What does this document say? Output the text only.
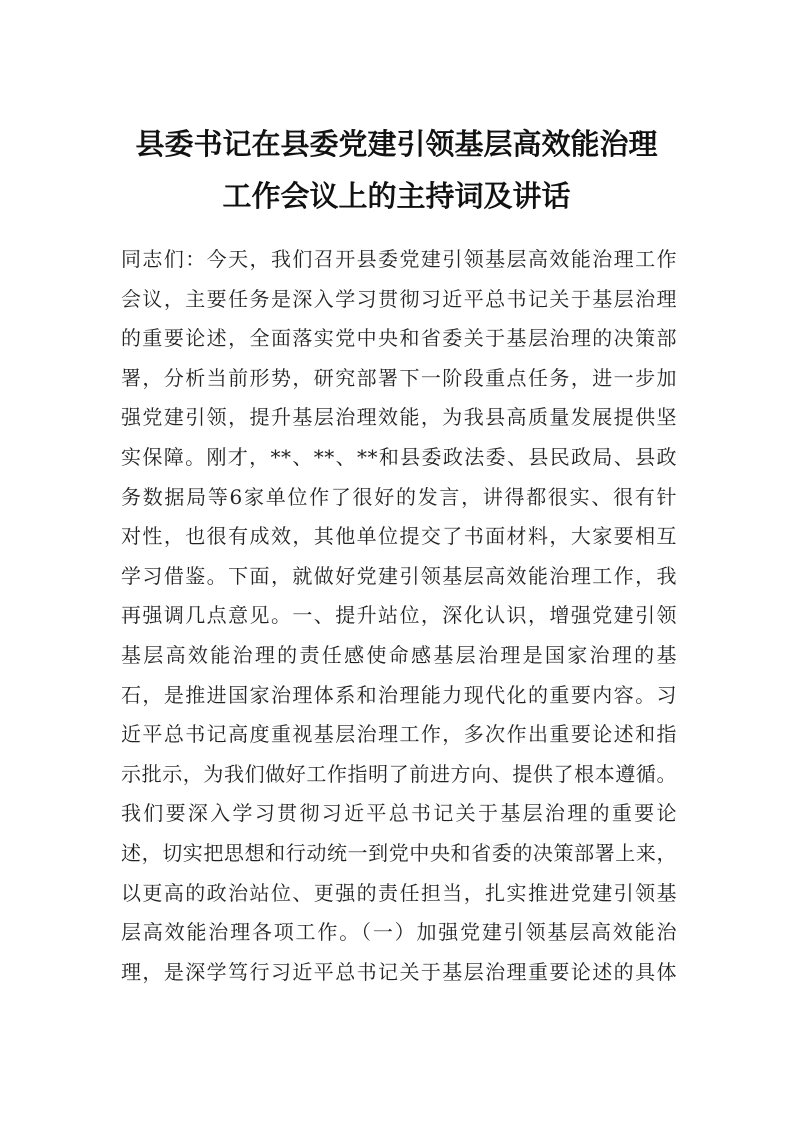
县委书记在县委党建引领基层高效能治理
工作会议上的主持词及讲话
同志们：今天，我们召开县委党建引领基层高效能治理工作
会议，主要任务是深入学习贯彻习近平总书记关于基层治理
的重要论述，全面落实党中央和省委关于基层治理的决策部
署，分析当前形势，研究部署下一阶段重点任务，进一步加
强党建引领，提升基层治理效能，为我县高质量发展提供坚
实保障。刚才，**、**、**和县委政法委、县民政局、县政
务数据局等6家单位作了很好的发言，讲得都很实、很有针
对性，也很有成效，其他单位提交了书面材料，大家要相互
学习借鉴。下面，就做好党建引领基层高效能治理工作，我
再强调几点意见。一、提升站位，深化认识，增强党建引领
基层高效能治理的责任感使命感基层治理是国家治理的基
石，是推进国家治理体系和治理能力现代化的重要内容。习
近平总书记高度重视基层治理工作，多次作出重要论述和指
示批示，为我们做好工作指明了前进方向、提供了根本遵循。
我们要深入学习贯彻习近平总书记关于基层治理的重要论
述，切实把思想和行动统一到党中央和省委的决策部署上来，
以更高的政治站位、更强的责任担当，扎实推进党建引领基
层高效能治理各项工作。（一）加强党建引领基层高效能治
理，是深学笃行习近平总书记关于基层治理重要论述的具体
